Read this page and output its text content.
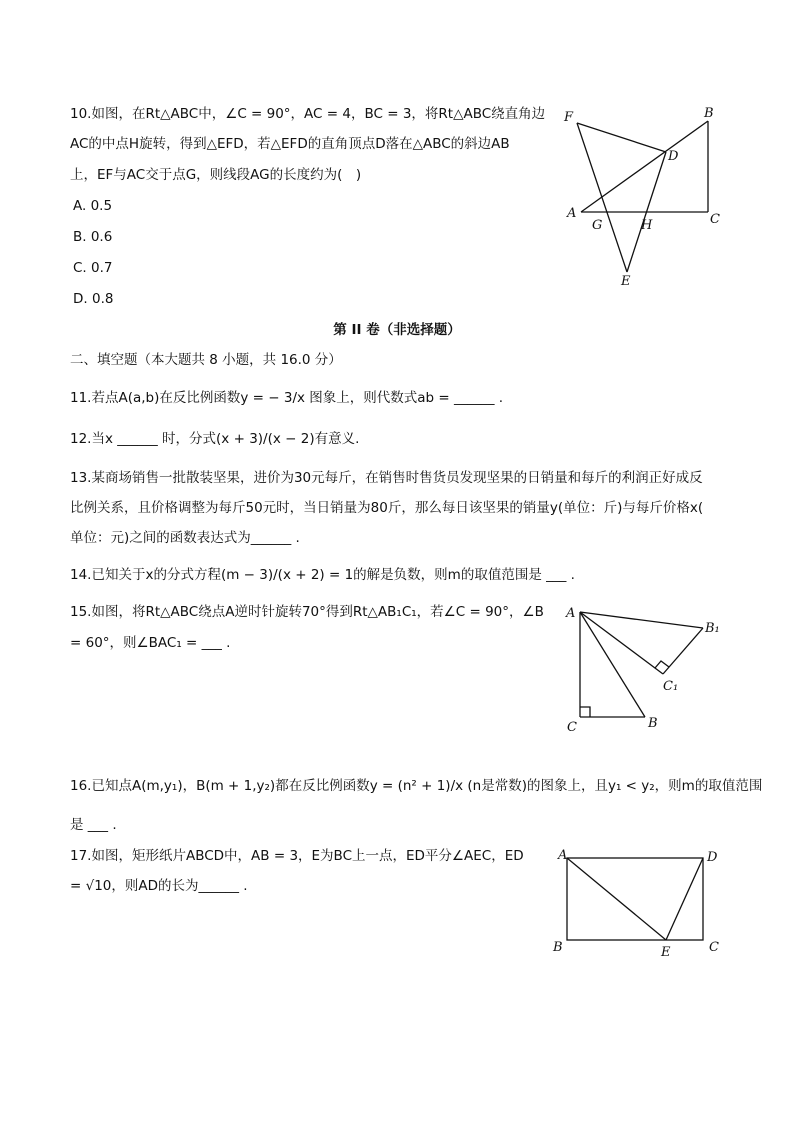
10.如图，在Rt△ABC中，∠C = 90°，AC = 4，BC = 3，将Rt△ABC绕直角边
AC的中点H旋转，得到△EFD，若△EFD的直角顶点D落在△ABC的斜边AB
上，EF与AC交于点G，则线段AG的长度约为(　)
A. 0.5
B. 0.6
C. 0.7
D. 0.8
F	B
D
A
G	H	C
E
第 II 卷（非选择题）
二、填空题（本大题共 8 小题，共 16.0 分）
11.若点A(a,b)在反比例函数y = − 3/x 图象上，则代数式ab = ______ .
12.当x ______ 时，分式(x + 3)/(x − 2)有意义.
13.某商场销售一批散装坚果，进价为30元每斤，在销售时售货员发现坚果的日销量和每斤的利润正好成反
比例关系，且价格调整为每斤50元时，当日销量为80斤，那么每日该坚果的销量y(单位：斤)与每斤价格x(
单位：元)之间的函数表达式为______ .
14.已知关于x的分式方程(m − 3)/(x + 2) = 1的解是负数，则m的取值范围是 ___ .
15.如图，将Rt△ABC绕点A逆时针旋转70°得到Rt△AB₁C₁，若∠C = 90°，∠B
= 60°，则∠BAC₁ = ___ .
A
B₁
C₁
C	B
16.已知点A(m,y₁)，B(m + 1,y₂)都在反比例函数y = (n² + 1)/x (n是常数)的图象上，且y₁ < y₂，则m的取值范围
是 ___ .
17.如图，矩形纸片ABCD中，AB = 3，E为BC上一点，ED平分∠AEC，ED
= √10，则AD的长为______ .
A	D
B	E	C
